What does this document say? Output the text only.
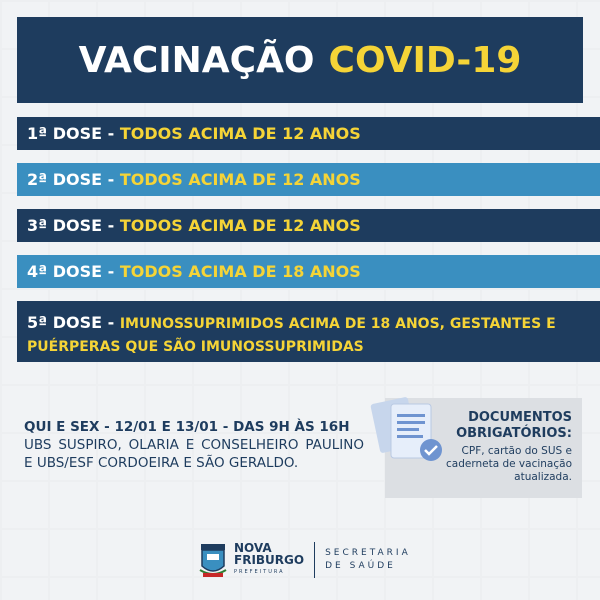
VACINAÇÃO COVID-19
1ª DOSE - TODOS ACIMA DE 12 ANOS
2ª DOSE - TODOS ACIMA DE 12 ANOS
3ª DOSE - TODOS ACIMA DE 12 ANOS
4ª DOSE - TODOS ACIMA DE 18 ANOS
5ª DOSE - IMUNOSSUPRIMIDOS ACIMA DE 18 ANOS, GESTANTES E PUÉRPERAS QUE SÃO IMUNOSSUPRIMIDAS
QUI E SEX - 12/01 E 13/01 - DAS 9H ÀS 16H
UBS SUSPIRO, OLARIA E CONSELHEIRO PAULINO E UBS/ESF CORDOEIRA E SÃO GERALDO.
DOCUMENTOS
OBRIGATÓRIOS:
CPF, cartão do SUS e caderneta de vacinação atualizada.
NOVA
FRIBURGO
PREFEITURA
SECRETARIA
DE SAÚDE
